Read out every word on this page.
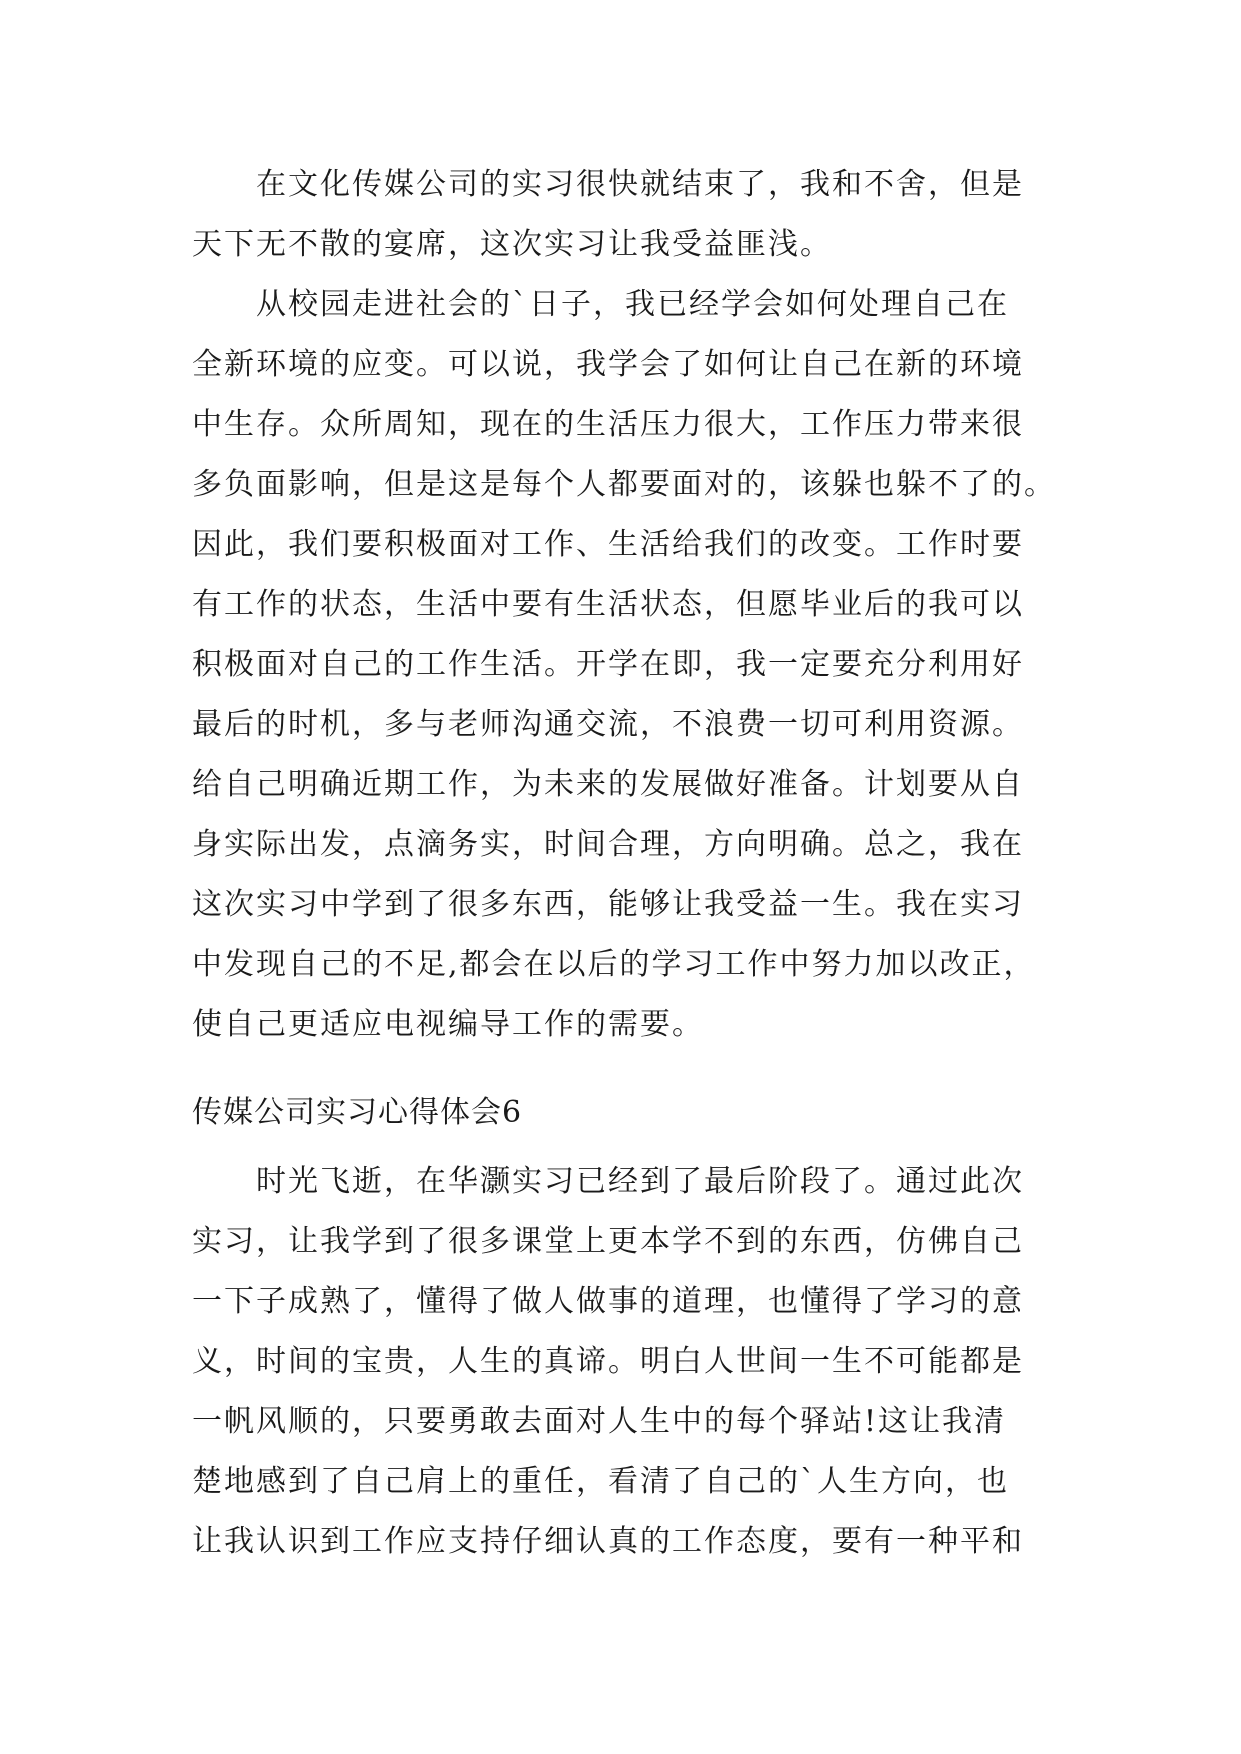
在文化传媒公司的实习很快就结束了，我和不舍，但是
天下无不散的宴席，这次实习让我受益匪浅。
从校园走进社会的`日子，我已经学会如何处理自己在
全新环境的应变。可以说，我学会了如何让自己在新的环境
中生存。众所周知，现在的生活压力很大，工作压力带来很
多负面影响，但是这是每个人都要面对的，该躲也躲不了的。
因此，我们要积极面对工作、生活给我们的改变。工作时要
有工作的状态，生活中要有生活状态，但愿毕业后的我可以
积极面对自己的工作生活。开学在即，我一定要充分利用好
最后的时机，多与老师沟通交流，不浪费一切可利用资源。
给自己明确近期工作，为未来的发展做好准备。计划要从自
身实际出发，点滴务实，时间合理，方向明确。总之，我在
这次实习中学到了很多东西，能够让我受益一生。我在实习
中发现自己的不足,都会在以后的学习工作中努力加以改正，
使自己更适应电视编导工作的需要。
传媒公司实习心得体会6
时光飞逝，在华灏实习已经到了最后阶段了。通过此次
实习，让我学到了很多课堂上更本学不到的东西，仿佛自己
一下子成熟了，懂得了做人做事的道理，也懂得了学习的意
义，时间的宝贵，人生的真谛。明白人世间一生不可能都是
一帆风顺的，只要勇敢去面对人生中的每个驿站!这让我清
楚地感到了自己肩上的重任，看清了自己的`人生方向，也
让我认识到工作应支持仔细认真的工作态度，要有一种平和
